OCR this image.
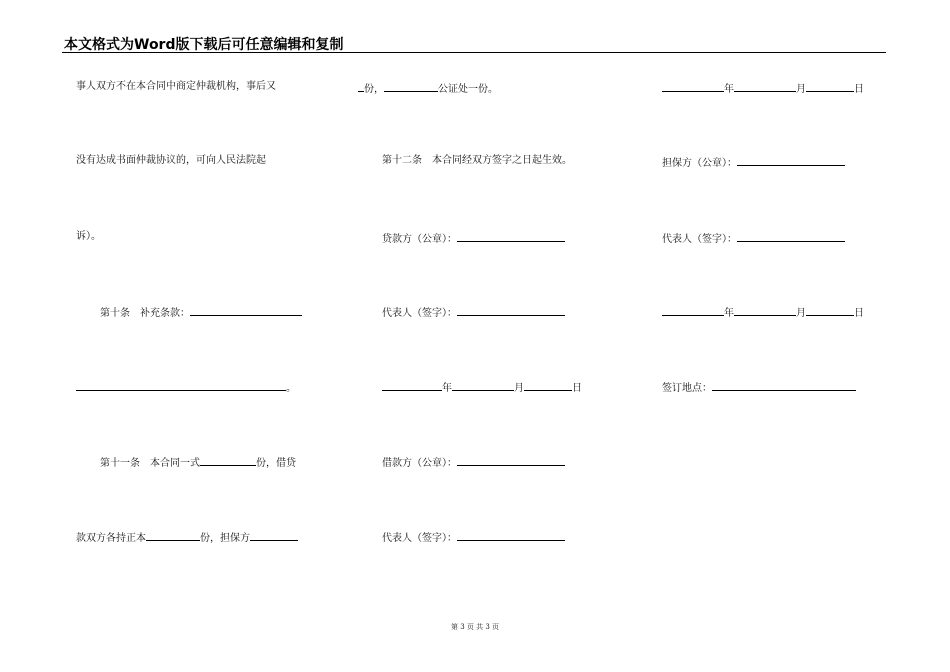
本文格式为Word版下载后可任意编辑和复制
事人双方不在本合同中商定仲裁机构，事后又
没有达成书面仲裁协议的，可向人民法院起
诉）。
第十条　补充条款：
。
第十一条　本合同一式	份，借贷
款双方各持正本	份，担保方
份，	公证处一份。
第十二条　本合同经双方签字之日起生效。
贷款方（公章）：
代表人（签字）：
年	月	日
借款方（公章）：
代表人（签字）：
年	月	日
担保方（公章）：
代表人（签字）：
年	月	日
签订地点：
第 3 页 共 3 页
